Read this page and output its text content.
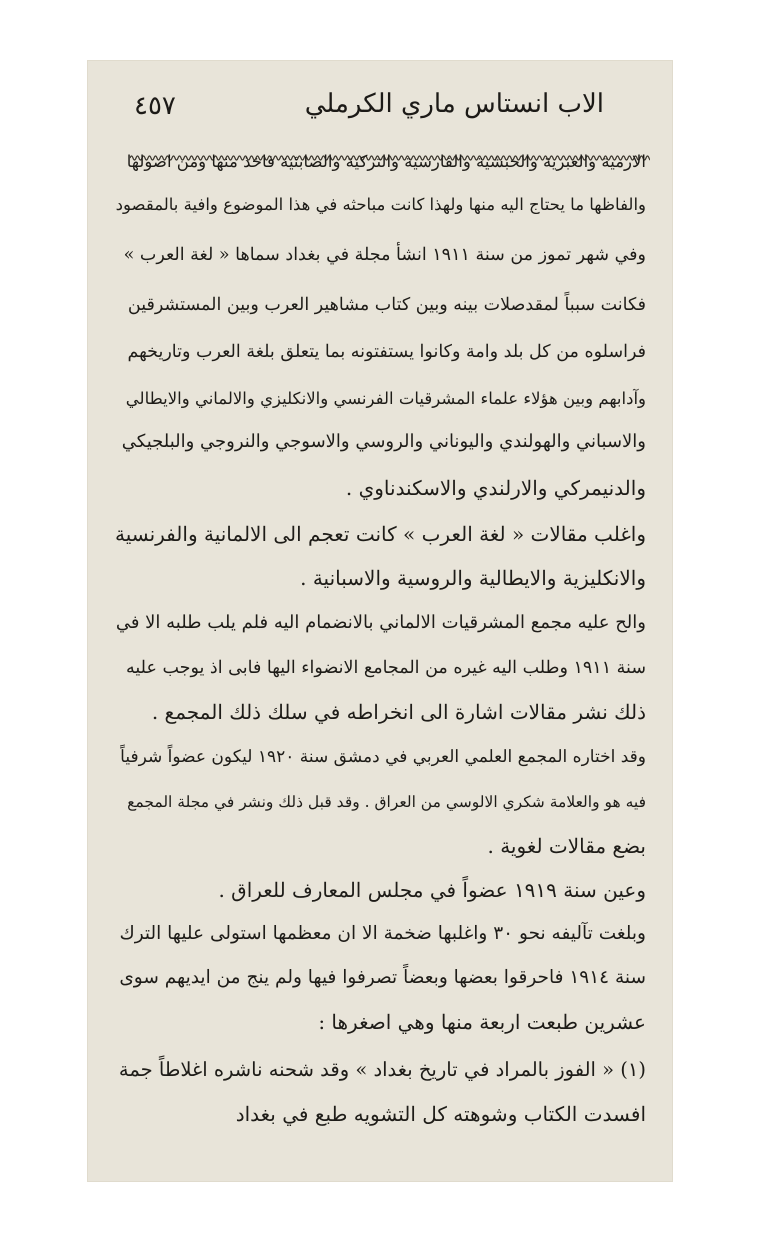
٤٥٧	الاب انستاس ماري الكرملي
الارمية والعبرية والحبشية والفارسية والتركية والصابئية فاخذ منها ومن اصولها
والفاظها ما يحتاج اليه منها ولهذا كانت مباحثه في هذا الموضوع وافية بالمقصود
وفي شهر تموز من سنة ١٩١١ انشأ مجلة في بغداد سماها « لغة العرب »
فكانت سبباً لمقدصلات بينه وبين كتاب مشاهير العرب وبين المستشرقين
فراسلوه من كل بلد وامة وكانوا يستفتونه بما يتعلق بلغة العرب وتاريخهم
وآدابهم وبين هؤلاء علماء المشرقيات الفرنسي والانكليزي والالماني والايطالي
والاسباني والهولندي واليوناني والروسي والاسوجي والنروجي والبلجيكي
والدنيمركي والارلندي والاسكندناوي .
واغلب مقالات « لغة العرب » كانت تعجم الى الالمانية والفرنسية
والانكليزية والايطالية والروسية والاسبانية .
والح عليه مجمع المشرقيات الالماني بالانضمام اليه فلم يلب طلبه الا في
سنة ١٩١١ وطلب اليه غيره من المجامع الانضواء اليها فابى اذ يوجب عليه
ذلك نشر مقالات اشارة الى انخراطه في سلك ذلك المجمع .
وقد اختاره المجمع العلمي العربي في دمشق سنة ١٩٢٠ ليكون عضواً شرفياً
فيه هو والعلامة شكري الالوسي من العراق . وقد قبل ذلك ونشر في مجلة المجمع
بضع مقالات لغوية .
وعين سنة ١٩١٩ عضواً في مجلس المعارف للعراق .
وبلغت تآليفه نحو ٣٠ واغلبها ضخمة الا ان معظمها استولى عليها الترك
سنة ١٩١٤ فاحرقوا بعضها وبعضاً تصرفوا فيها ولم ينج من ايديهم سوى
عشرين طبعت اربعة منها وهي اصغرها :
(١) « الفوز بالمراد في تاريخ بغداد » وقد شحنه ناشره اغلاطاً جمة
افسدت الكتاب وشوهته كل التشويه طبع في بغداد
